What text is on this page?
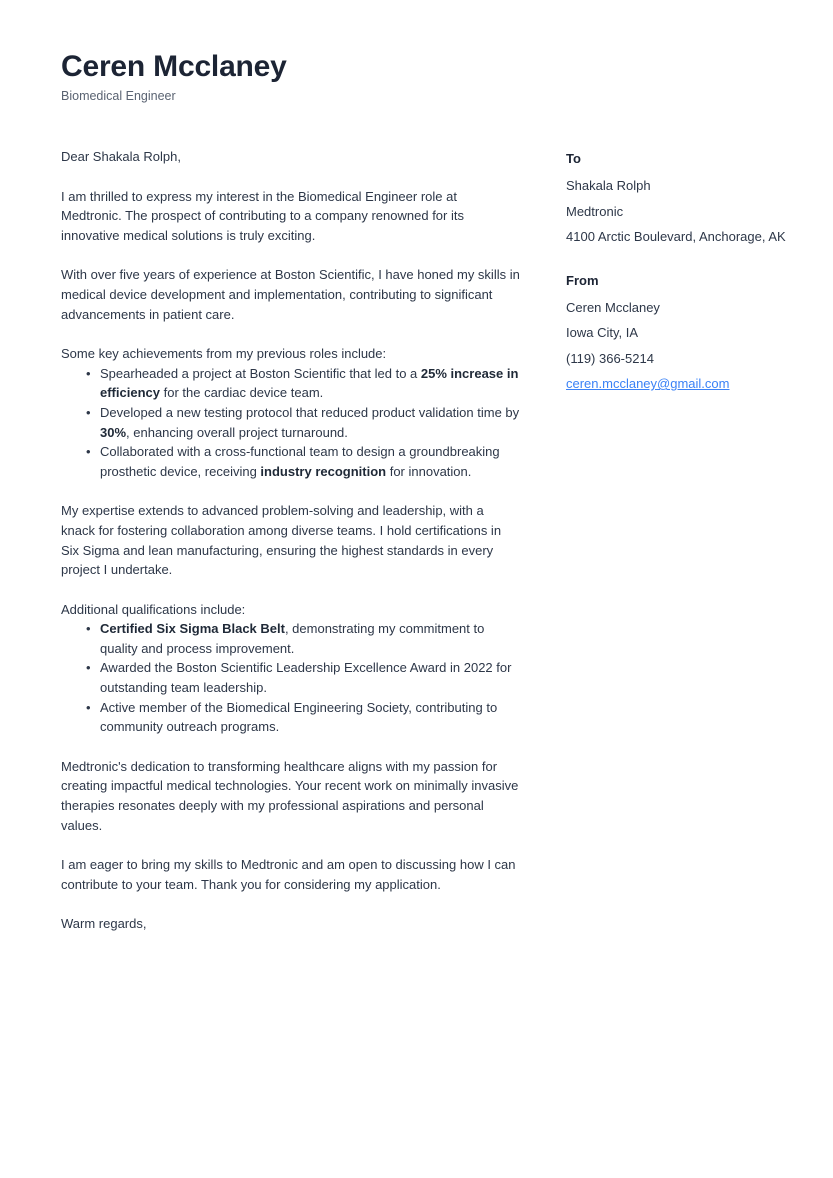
Ceren Mcclaney
Biomedical Engineer

Dear Shakala Rolph,

I am thrilled to express my interest in the Biomedical Engineer role at Medtronic. The prospect of contributing to a company renowned for its innovative medical solutions is truly exciting.

With over five years of experience at Boston Scientific, I have honed my skills in medical device development and implementation, contributing to significant advancements in patient care.

Some key achievements from my previous roles include:

• Spearheaded a project at Boston Scientific that led to a 25% increase in efficiency for the cardiac device team.
• Developed a new testing protocol that reduced product validation time by 30%, enhancing overall project turnaround.
• Collaborated with a cross-functional team to design a groundbreaking prosthetic device, receiving industry recognition for innovation.

My expertise extends to advanced problem-solving and leadership, with a knack for fostering collaboration among diverse teams. I hold certifications in Six Sigma and lean manufacturing, ensuring the highest standards in every project I undertake.

Additional qualifications include:

• Certified Six Sigma Black Belt, demonstrating my commitment to quality and process improvement.
• Awarded the Boston Scientific Leadership Excellence Award in 2022 for outstanding team leadership.
• Active member of the Biomedical Engineering Society, contributing to community outreach programs.

Medtronic's dedication to transforming healthcare aligns with my passion for creating impactful medical technologies. Your recent work on minimally invasive therapies resonates deeply with my professional aspirations and personal values.

I am eager to bring my skills to Medtronic and am open to discussing how I can contribute to your team. Thank you for considering my application.

Warm regards,

To
Shakala Rolph
Medtronic
4100 Arctic Boulevard, Anchorage, AK
From
Ceren Mcclaney
Iowa City, IA
(119) 366-5214
ceren.mcclaney@gmail.com
